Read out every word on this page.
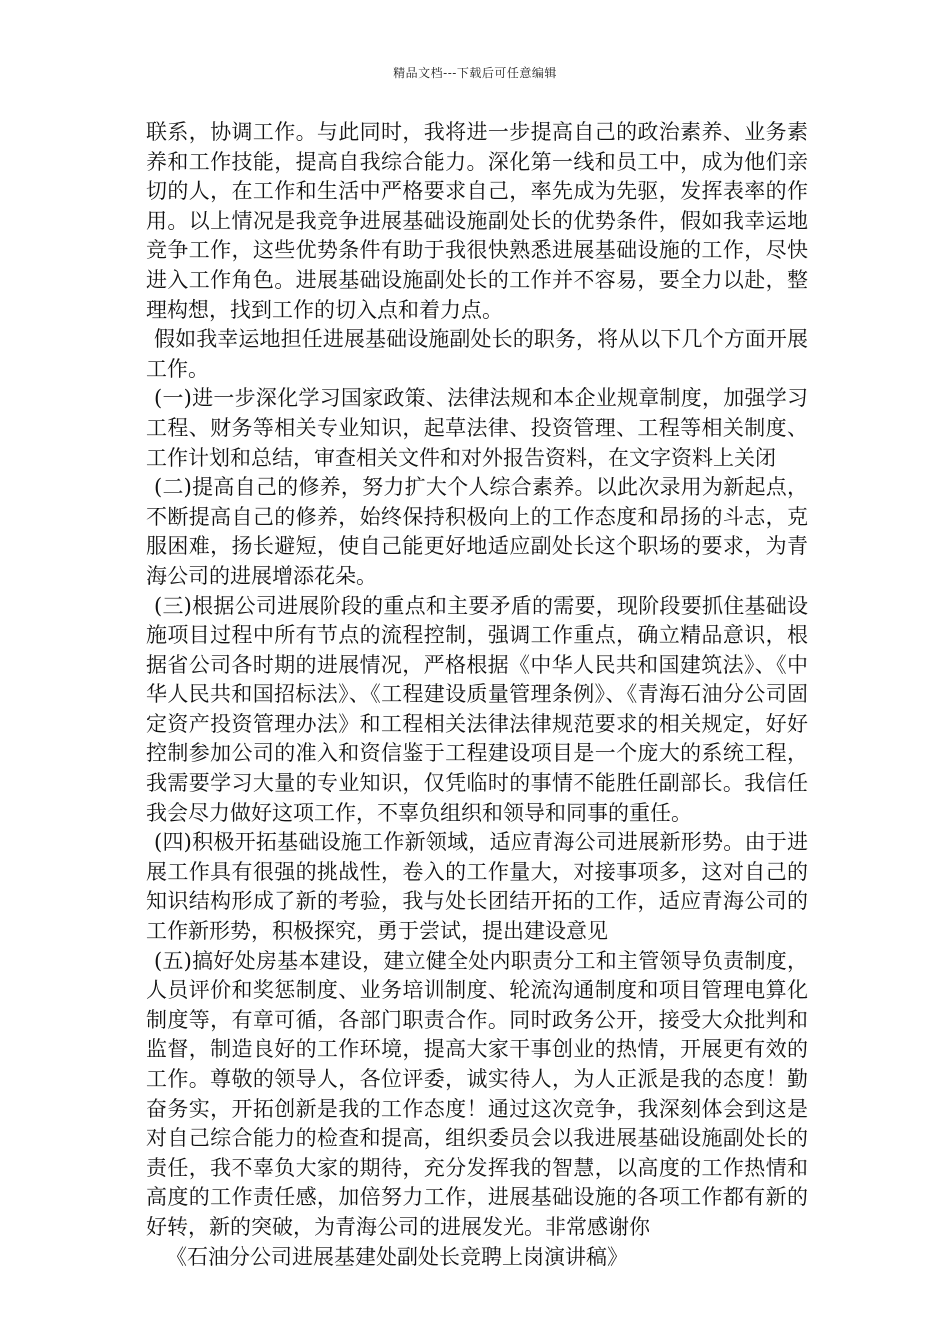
精品文档---下载后可任意编辑

联系，协调工作。与此同时，我将进一步提高自己的政治素养、业务素养和工作技能，提高自我综合能力。深化第一线和员工中，成为他们亲切的人，在工作和生活中严格要求自己，率先成为先驱，发挥表率的作用。以上情况是我竞争进展基础设施副处长的优势条件，假如我幸运地竞争工作，这些优势条件有助于我很快熟悉进展基础设施的工作，尽快进入工作角色。进展基础设施副处长的工作并不容易，要全力以赴，整理构想，找到工作的切入点和着力点。

假如我幸运地担任进展基础设施副处长的职务，将从以下几个方面开展工作。

(一)进一步深化学习国家政策、法律法规和本企业规章制度，加强学习工程、财务等相关专业知识，起草法律、投资管理、工程等相关制度、工作计划和总结，审查相关文件和对外报告资料，在文字资料上关闭

(二)提高自己的修养，努力扩大个人综合素养。以此次录用为新起点，不断提高自己的修养，始终保持积极向上的工作态度和昂扬的斗志，克服困难，扬长避短，使自己能更好地适应副处长这个职场的要求，为青海公司的进展增添花朵。

(三)根据公司进展阶段的重点和主要矛盾的需要，现阶段要抓住基础设施项目过程中所有节点的流程控制，强调工作重点，确立精品意识，根据省公司各时期的进展情况，严格根据《中华人民共和国建筑法》、《中华人民共和国招标法》、《工程建设质量管理条例》、《青海石油分公司固定资产投资管理办法》和工程相关法律法律规范要求的相关规定，好好控制参加公司的准入和资信鉴于工程建设项目是一个庞大的系统工程，我需要学习大量的专业知识，仅凭临时的事情不能胜任副部长。我信任我会尽力做好这项工作，不辜负组织和领导和同事的重任。

(四)积极开拓基础设施工作新领域，适应青海公司进展新形势。由于进展工作具有很强的挑战性，卷入的工作量大，对接事项多，这对自己的知识结构形成了新的考验，我与处长团结开拓的工作，适应青海公司的工作新形势，积极探究，勇于尝试，提出建设意见

(五)搞好处房基本建设，建立健全处内职责分工和主管领导负责制度，人员评价和奖惩制度、业务培训制度、轮流沟通制度和项目管理电算化制度等，有章可循，各部门职责合作。同时政务公开，接受大众批判和监督，制造良好的工作环境，提高大家干事创业的热情，开展更有效的工作。尊敬的领导人，各位评委，诚实待人，为人正派是我的态度！勤奋务实，开拓创新是我的工作态度！通过这次竞争，我深刻体会到这是对自己综合能力的检查和提高，组织委员会以我进展基础设施副处长的责任，我不辜负大家的期待，充分发挥我的智慧，以高度的工作热情和高度的工作责任感，加倍努力工作，进展基础设施的各项工作都有新的好转，新的突破，为青海公司的进展发光。非常感谢你

《石油分公司进展基建处副处长竞聘上岗演讲稿》
